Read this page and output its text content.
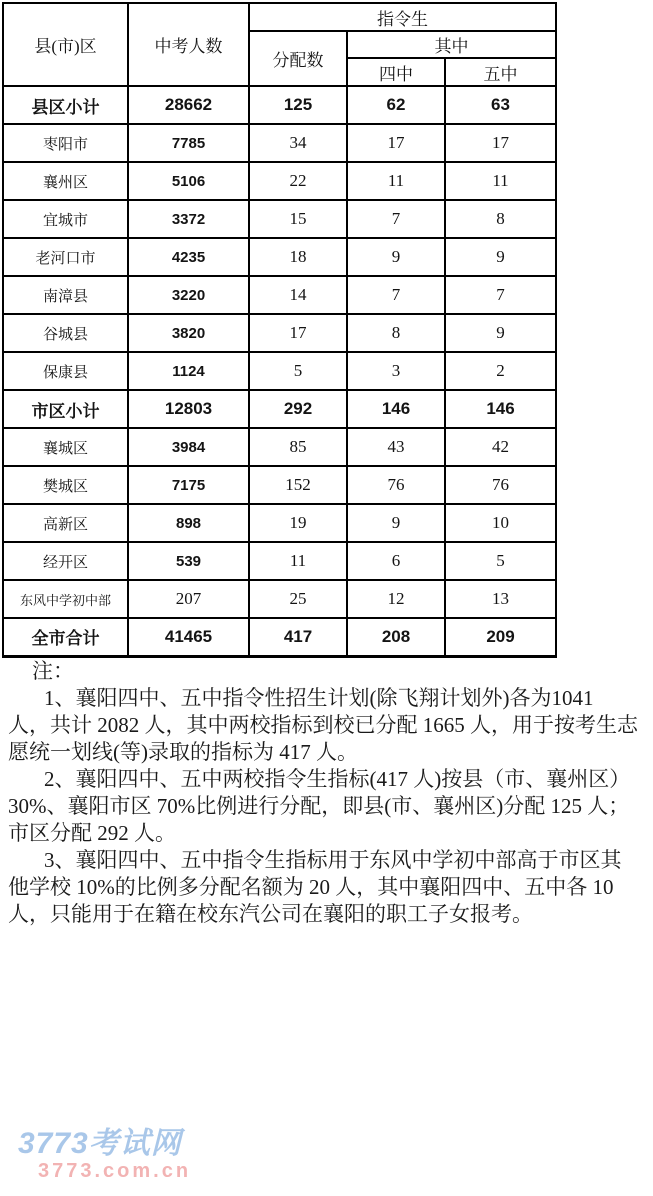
县(市)区	中考人数	指令生		
		分配数	其中	
			四中	五中
县区小计	28662	125	62	63
枣阳市	7785	34	17	17
襄州区	5106	22	11	11
宜城市	3372	15	7	8
老河口市	4235	18	9	9
南漳县	3220	14	7	7
谷城县	3820	17	8	9
保康县	1124	5	3	2
市区小计	12803	292	146	146
襄城区	3984	85	43	42
樊城区	7175	152	76	76
高新区	898	19	9	10
经开区	539	11	6	5
东风中学初中部	207	25	12	13
全市合计	41465	417	208	209
注：

1、襄阳四中、五中指令性招生计划(除飞翔计划外)各为1041 人，共计 2082 人，其中两校指标到校已分配 1665 人，用于按考生志愿统一划线(等)录取的指标为 417 人。

2、襄阳四中、五中两校指令生指标(417 人)按县（市、襄州区）30%、襄阳市区 70%比例进行分配，即县(市、襄州区)分配 125 人；市区分配 292 人。

3、襄阳四中、五中指令生指标用于东风中学初中部高于市区其他学校 10%的比例多分配名额为 20 人，其中襄阳四中、五中各 10 人，只能用于在籍在校东汽公司在襄阳的职工子女报考。

3773考试网
3773.com.cn
